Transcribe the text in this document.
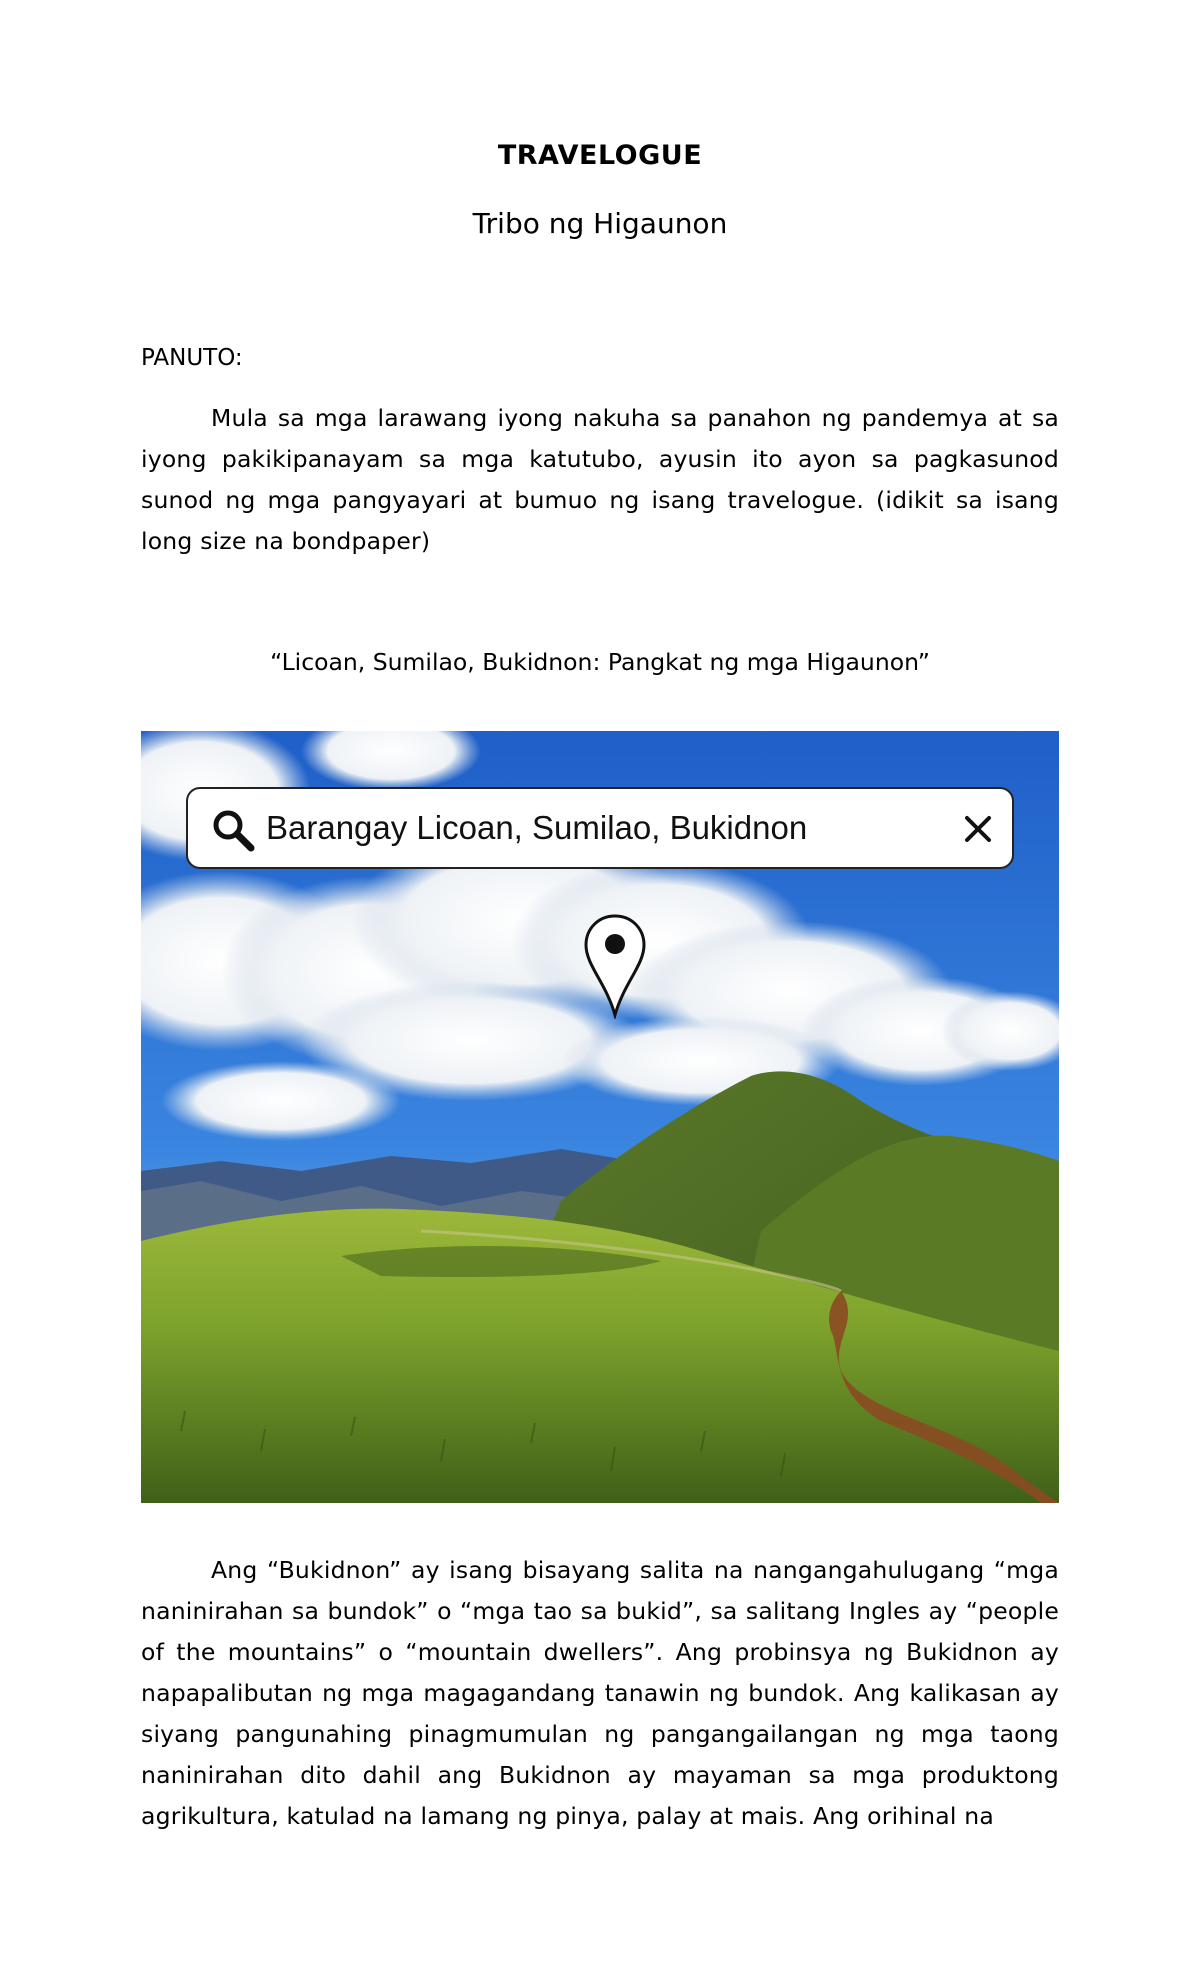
TRAVELOGUE
Tribo ng Higaunon
PANUTO:

Mula sa mga larawang iyong nakuha sa panahon ng pandemya at sa iyong pakikipanayam sa mga katutubo, ayusin ito ayon sa pagkasunod sunod ng mga pangyayari at bumuo ng isang travelogue. (idikit sa isang long size na bondpaper)

“Licoan, Sumilao, Bukidnon: Pangkat ng mga Higaunon”
Barangay Licoan, Sumilao, Bukidnon

Ang “Bukidnon” ay isang bisayang salita na nangangahulugang “mga naninirahan sa bundok” o “mga tao sa bukid”, sa salitang Ingles ay “people of the mountains” o “mountain dwellers”. Ang probinsya ng Bukidnon ay napapalibutan ng mga magagandang tanawin ng bundok. Ang kalikasan ay siyang pangunahing pinagmumulan ng pangangailangan ng mga taong naninirahan dito dahil ang Bukidnon ay mayaman sa mga produktong agrikultura, katulad na lamang ng pinya, palay at mais. Ang orihinal na
